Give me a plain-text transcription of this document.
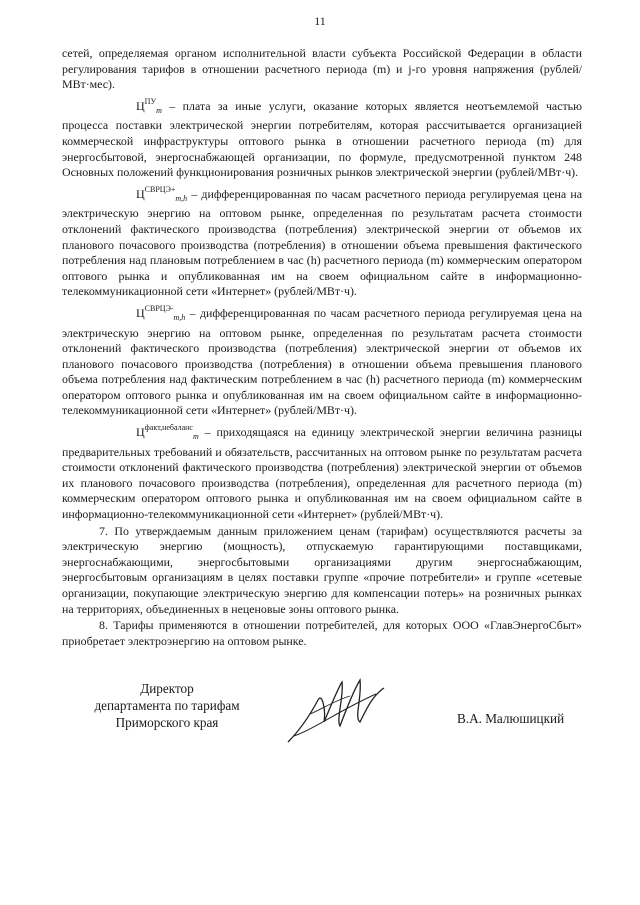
11

сетей, определяемая органом исполнительной власти субъекта Российской Федерации в области регулирования тарифов в отношении расчетного периода (m) и j-го уровня напряжения (рублей/МВт·мес).

$Ц^{ПУ}_m$ – плата за иные услуги, оказание которых является неотъемлемой частью процесса поставки электрической энергии потребителям, которая рассчитывается организацией коммерческой инфраструктуры оптового рынка в отношении расчетного периода (m) для энергосбытовой, энергоснабжающей организации, по формуле, предусмотренной пунктом 248 Основных положений функционирования розничных рынков электрической энергии (рублей/МВт·ч).

$Ц^{СВРЦЭ+}_{m,h}$ – дифференцированная по часам расчетного периода регулируемая цена на электрическую энергию на оптовом рынке, определенная по результатам расчета стоимости отклонений фактического производства (потребления) электрической энергии от объемов их планового почасового производства (потребления) в отношении объема превышения фактического потребления над плановым потреблением в час (h) расчетного периода (m) коммерческим оператором оптового рынка и опубликованная им на своем официальном сайте в информационно-телекоммуникационной сети «Интернет» (рублей/МВт·ч).

$Ц^{СВРЦЭ-}_{m,h}$ – дифференцированная по часам расчетного периода регулируемая цена на электрическую энергию на оптовом рынке, определенная по результатам расчета стоимости отклонений фактического производства (потребления) электрической энергии от объемов их планового почасового производства (потребления) в отношении объема превышения планового объема потребления над фактическим потреблением в час (h) расчетного периода (m) коммерческим оператором оптового рынка и опубликованная им на своем официальном сайте в информационно-телекоммуникационной сети «Интернет» (рублей/МВт·ч).

$Ц^{факт,небаланс}_m$ – приходящаяся на единицу электрической энергии величина разницы предварительных требований и обязательств, рассчитанных на оптовом рынке по результатам расчета стоимости отклонений фактического производства (потребления) электрической энергии от объемов их планового почасового производства (потребления), определенная для расчетного периода (m) коммерческим оператором оптового рынка и опубликованная им на своем официальном сайте в информационно-телекоммуникационной сети «Интернет» (рублей/МВт·ч).

7. По утверждаемым данным приложением ценам (тарифам) осуществляются расчеты за электрическую энергию (мощность), отпускаемую гарантирующими поставщиками, энергоснабжающими, энергосбытовыми организациями другим энергоснабжающим, энергосбытовым организациям в целях поставки группе «прочие потребители» и группе «сетевые организации, покупающие электрическую энергию для компенсации потерь» на розничных рынках на территориях, объединенных в неценовые зоны оптового рынка.

8. Тарифы применяются в отношении потребителей, для которых ООО «ГлавЭнергоСбыт» приобретает электроэнергию на оптовом рынке.

Директор
департамента по тарифам
Приморского края	В.А. Малюшицкий
